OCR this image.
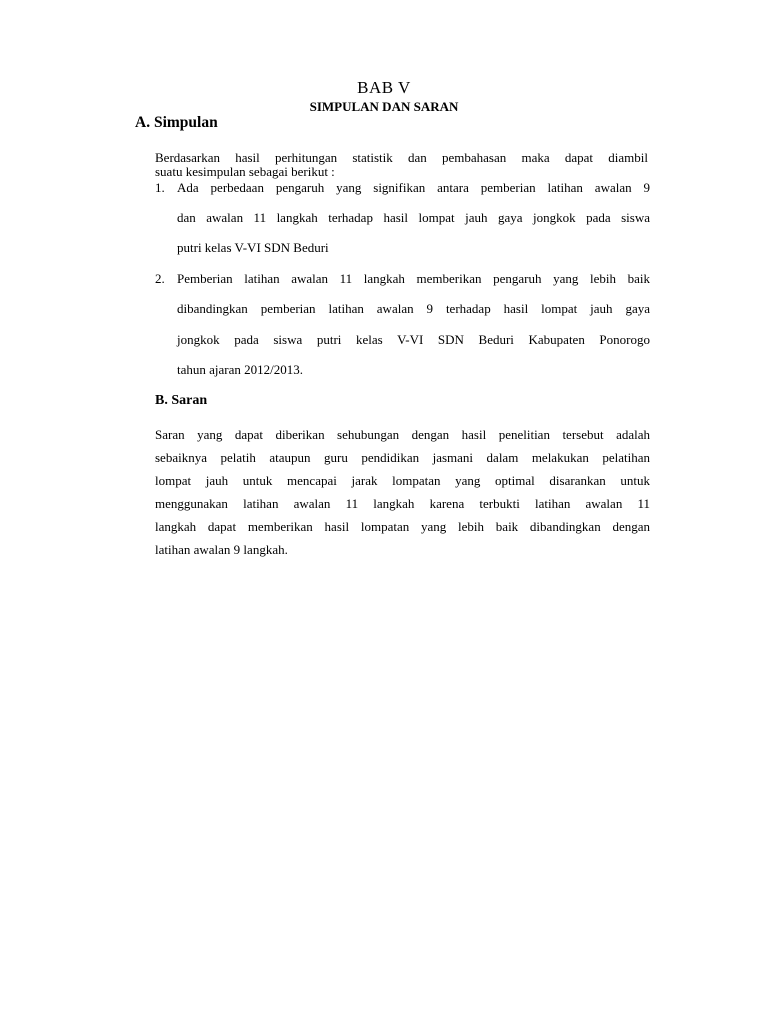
BAB V
SIMPULAN DAN SARAN
A. Simpulan
Berdasarkan hasil perhitungan statistik dan pembahasan maka dapat diambil
suatu kesimpulan sebagai berikut :
1. Ada perbedaan pengaruh yang signifikan antara pemberian latihan awalan 9
dan awalan 11 langkah terhadap hasil lompat jauh gaya jongkok pada siswa
putri kelas V-VI SDN Beduri
2. Pemberian latihan awalan 11 langkah memberikan pengaruh yang lebih baik
dibandingkan pemberian latihan awalan 9 terhadap hasil lompat jauh gaya
jongkok pada siswa putri kelas V-VI SDN Beduri Kabupaten Ponorogo
tahun ajaran 2012/2013.
B. Saran
Saran yang dapat diberikan sehubungan dengan hasil penelitian tersebut adalah
sebaiknya pelatih ataupun guru pendidikan jasmani dalam melakukan pelatihan
lompat jauh untuk mencapai jarak lompatan yang optimal disarankan untuk
menggunakan latihan awalan 11 langkah karena terbukti latihan awalan 11
langkah dapat memberikan hasil lompatan yang lebih baik dibandingkan dengan
latihan awalan 9 langkah.
